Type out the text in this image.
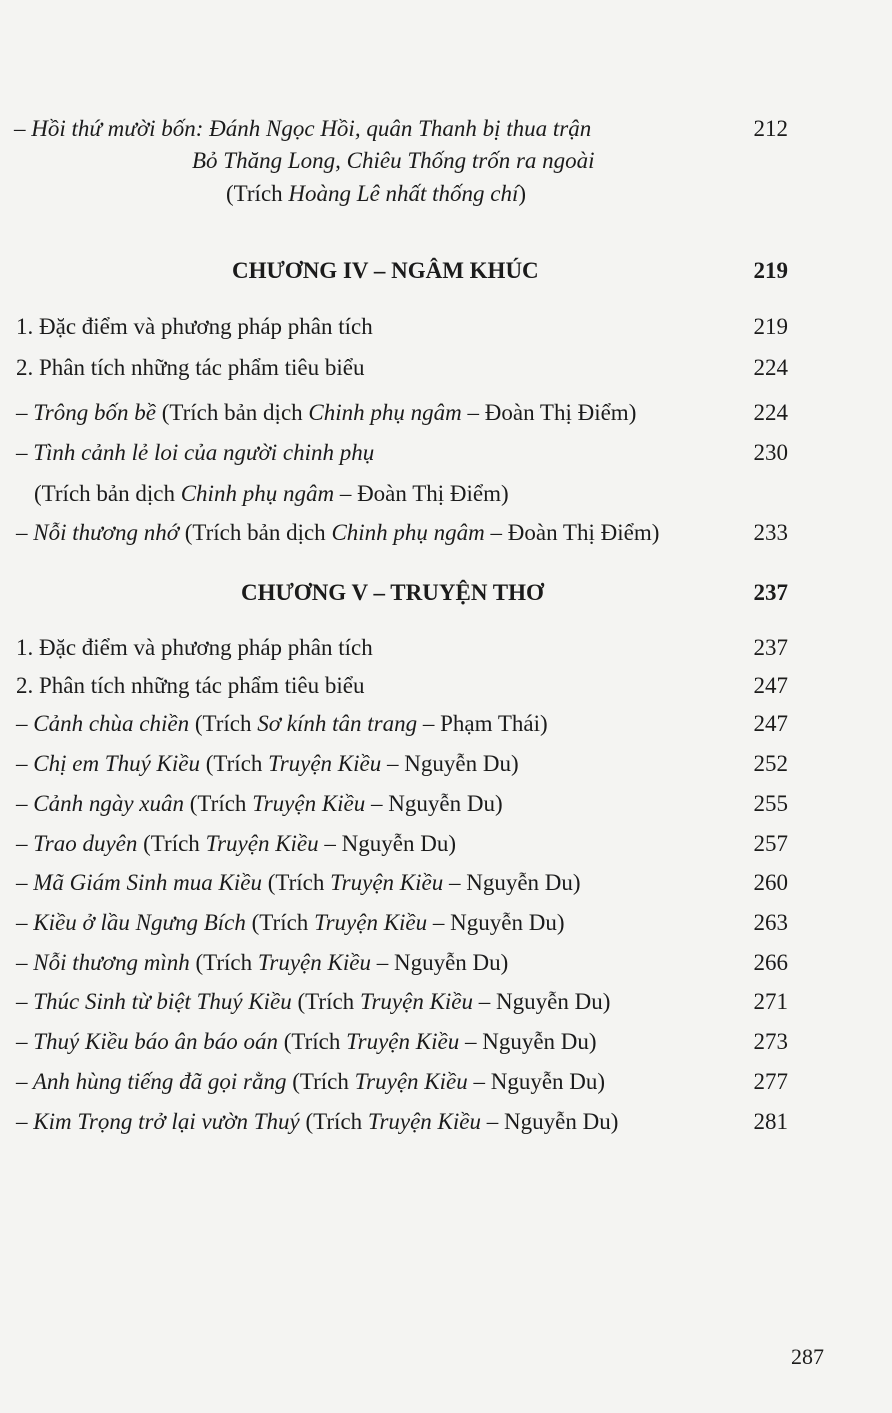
– Hồi thứ mười bốn: Đánh Ngọc Hồi, quân Thanh bị thua trận	212
Bỏ Thăng Long, Chiêu Thống trốn ra ngoài
(Trích Hoàng Lê nhất thống chí)
CHƯƠNG IV – NGÂM KHÚC	219
1. Đặc điểm và phương pháp phân tích	219
2. Phân tích những tác phẩm tiêu biểu	224
– Trông bốn bề (Trích bản dịch Chinh phụ ngâm – Đoàn Thị Điểm)	224
– Tình cảnh lẻ loi của người chinh phụ	230
(Trích bản dịch Chinh phụ ngâm – Đoàn Thị Điểm)
– Nỗi thương nhớ (Trích bản dịch Chinh phụ ngâm – Đoàn Thị Điểm)	233
CHƯƠNG V – TRUYỆN THƠ	237
1. Đặc điểm và phương pháp phân tích	237
2. Phân tích những tác phẩm tiêu biểu	247
– Cảnh chùa chiền (Trích Sơ kính tân trang – Phạm Thái)	247
– Chị em Thuý Kiều (Trích Truyện Kiều – Nguyễn Du)	252
– Cảnh ngày xuân (Trích Truyện Kiều – Nguyễn Du)	255
– Trao duyên (Trích Truyện Kiều – Nguyễn Du)	257
– Mã Giám Sinh mua Kiều (Trích Truyện Kiều – Nguyễn Du)	260
– Kiều ở lầu Ngưng Bích (Trích Truyện Kiều – Nguyễn Du)	263
– Nỗi thương mình (Trích Truyện Kiều – Nguyễn Du)	266
– Thúc Sinh từ biệt Thuý Kiều (Trích Truyện Kiều – Nguyễn Du)	271
– Thuý Kiều báo ân báo oán (Trích Truyện Kiều – Nguyễn Du)	273
– Anh hùng tiếng đã gọi rằng (Trích Truyện Kiều – Nguyễn Du)	277
– Kim Trọng trở lại vườn Thuý (Trích Truyện Kiều – Nguyễn Du)	281
287
